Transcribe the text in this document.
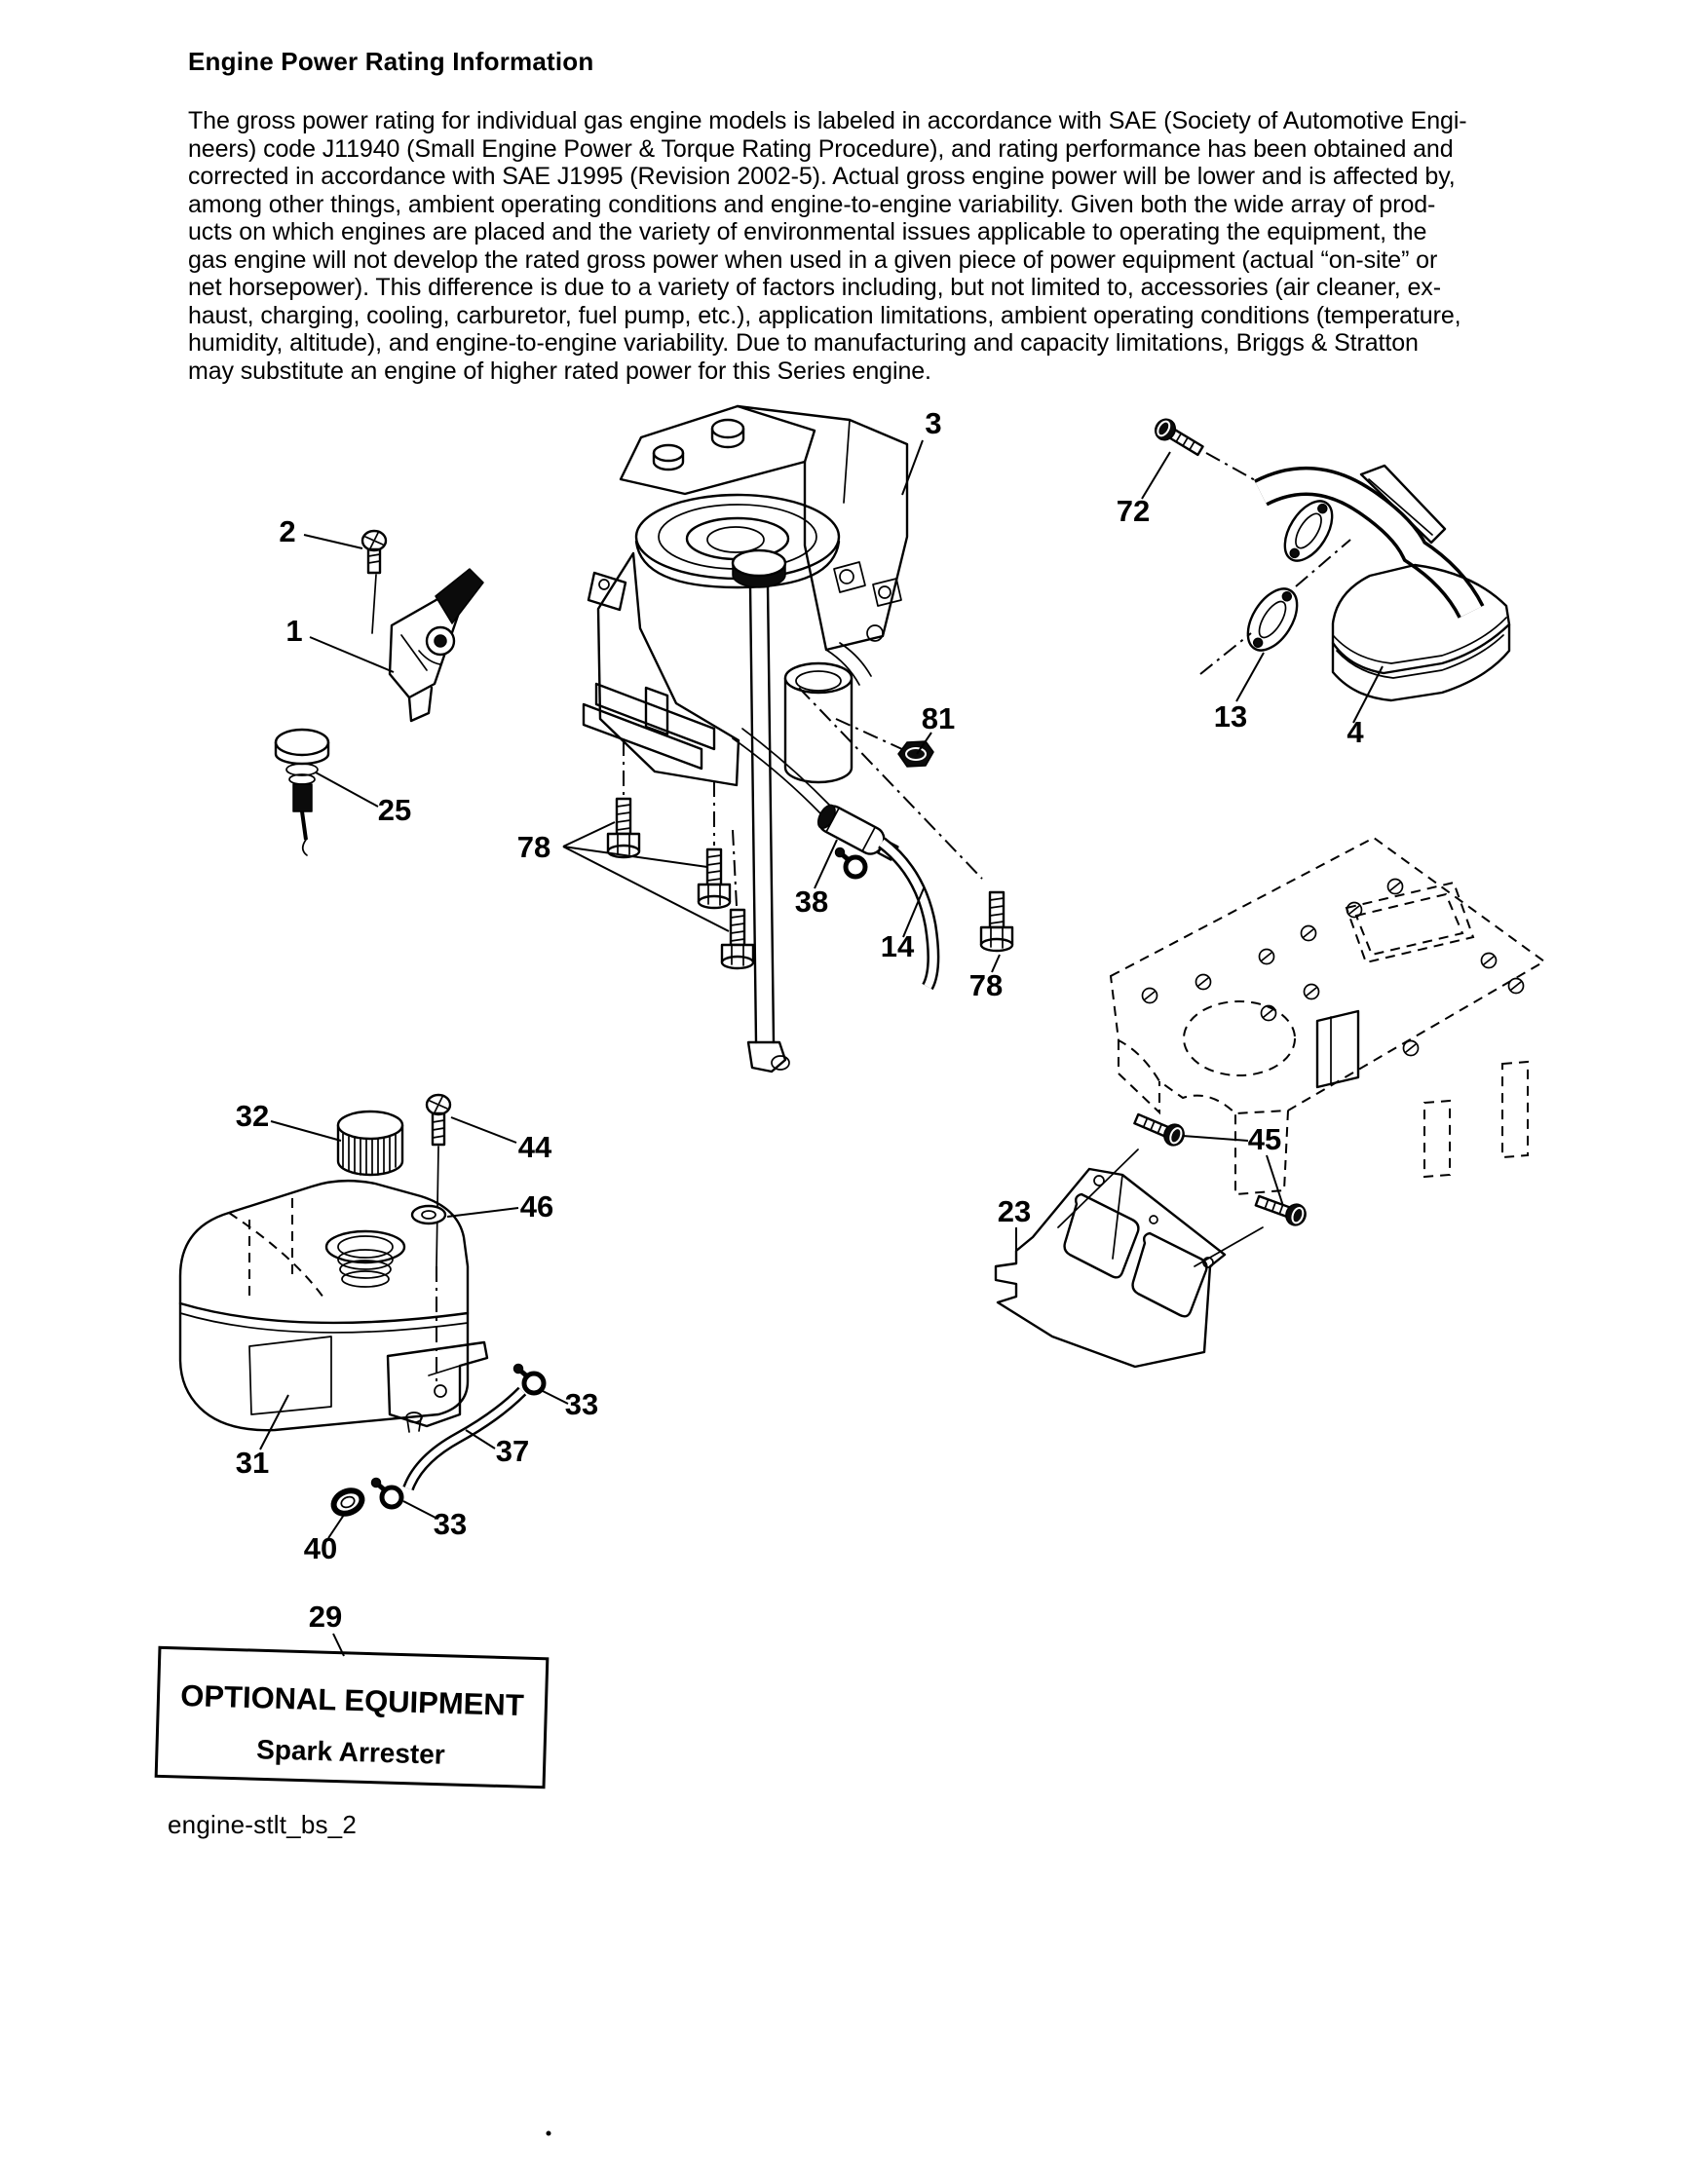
Engine Power Rating Information
The gross power rating for individual gas engine models is labeled in accordance with SAE (Society of Automotive Engi-
neers) code J11940 (Small Engine Power & Torque Rating Procedure), and rating performance has been obtained and
corrected in accordance with SAE J1995 (Revision 2002-5). Actual gross engine power will be lower and is affected by,
among other things, ambient operating conditions and engine-to-engine variability. Given both the wide array of prod-
ucts on which engines are placed and the variety of environmental issues applicable to operating the equipment, the
gas engine will not develop the rated gross power when used in a given piece of power equipment (actual “on-site” or
net horsepower). This difference is due to a variety of factors including, but not limited to, accessories (air cleaner, ex-
haust, charging, cooling, carburetor, fuel pump, etc.), application limitations, ambient operating conditions (temperature,
humidity, altitude), and engine-to-engine variability. Due to manufacturing and capacity limitations, Briggs & Stratton
may substitute an engine of higher rated power for this Series engine.
engine-stlt_bs_2
OPTIONAL EQUIPMENT
Spark Arrester
3
72
2
1
13	4
81
25
78
38
14
78
45
23
32
44
46
33
37
31
33
40
29
